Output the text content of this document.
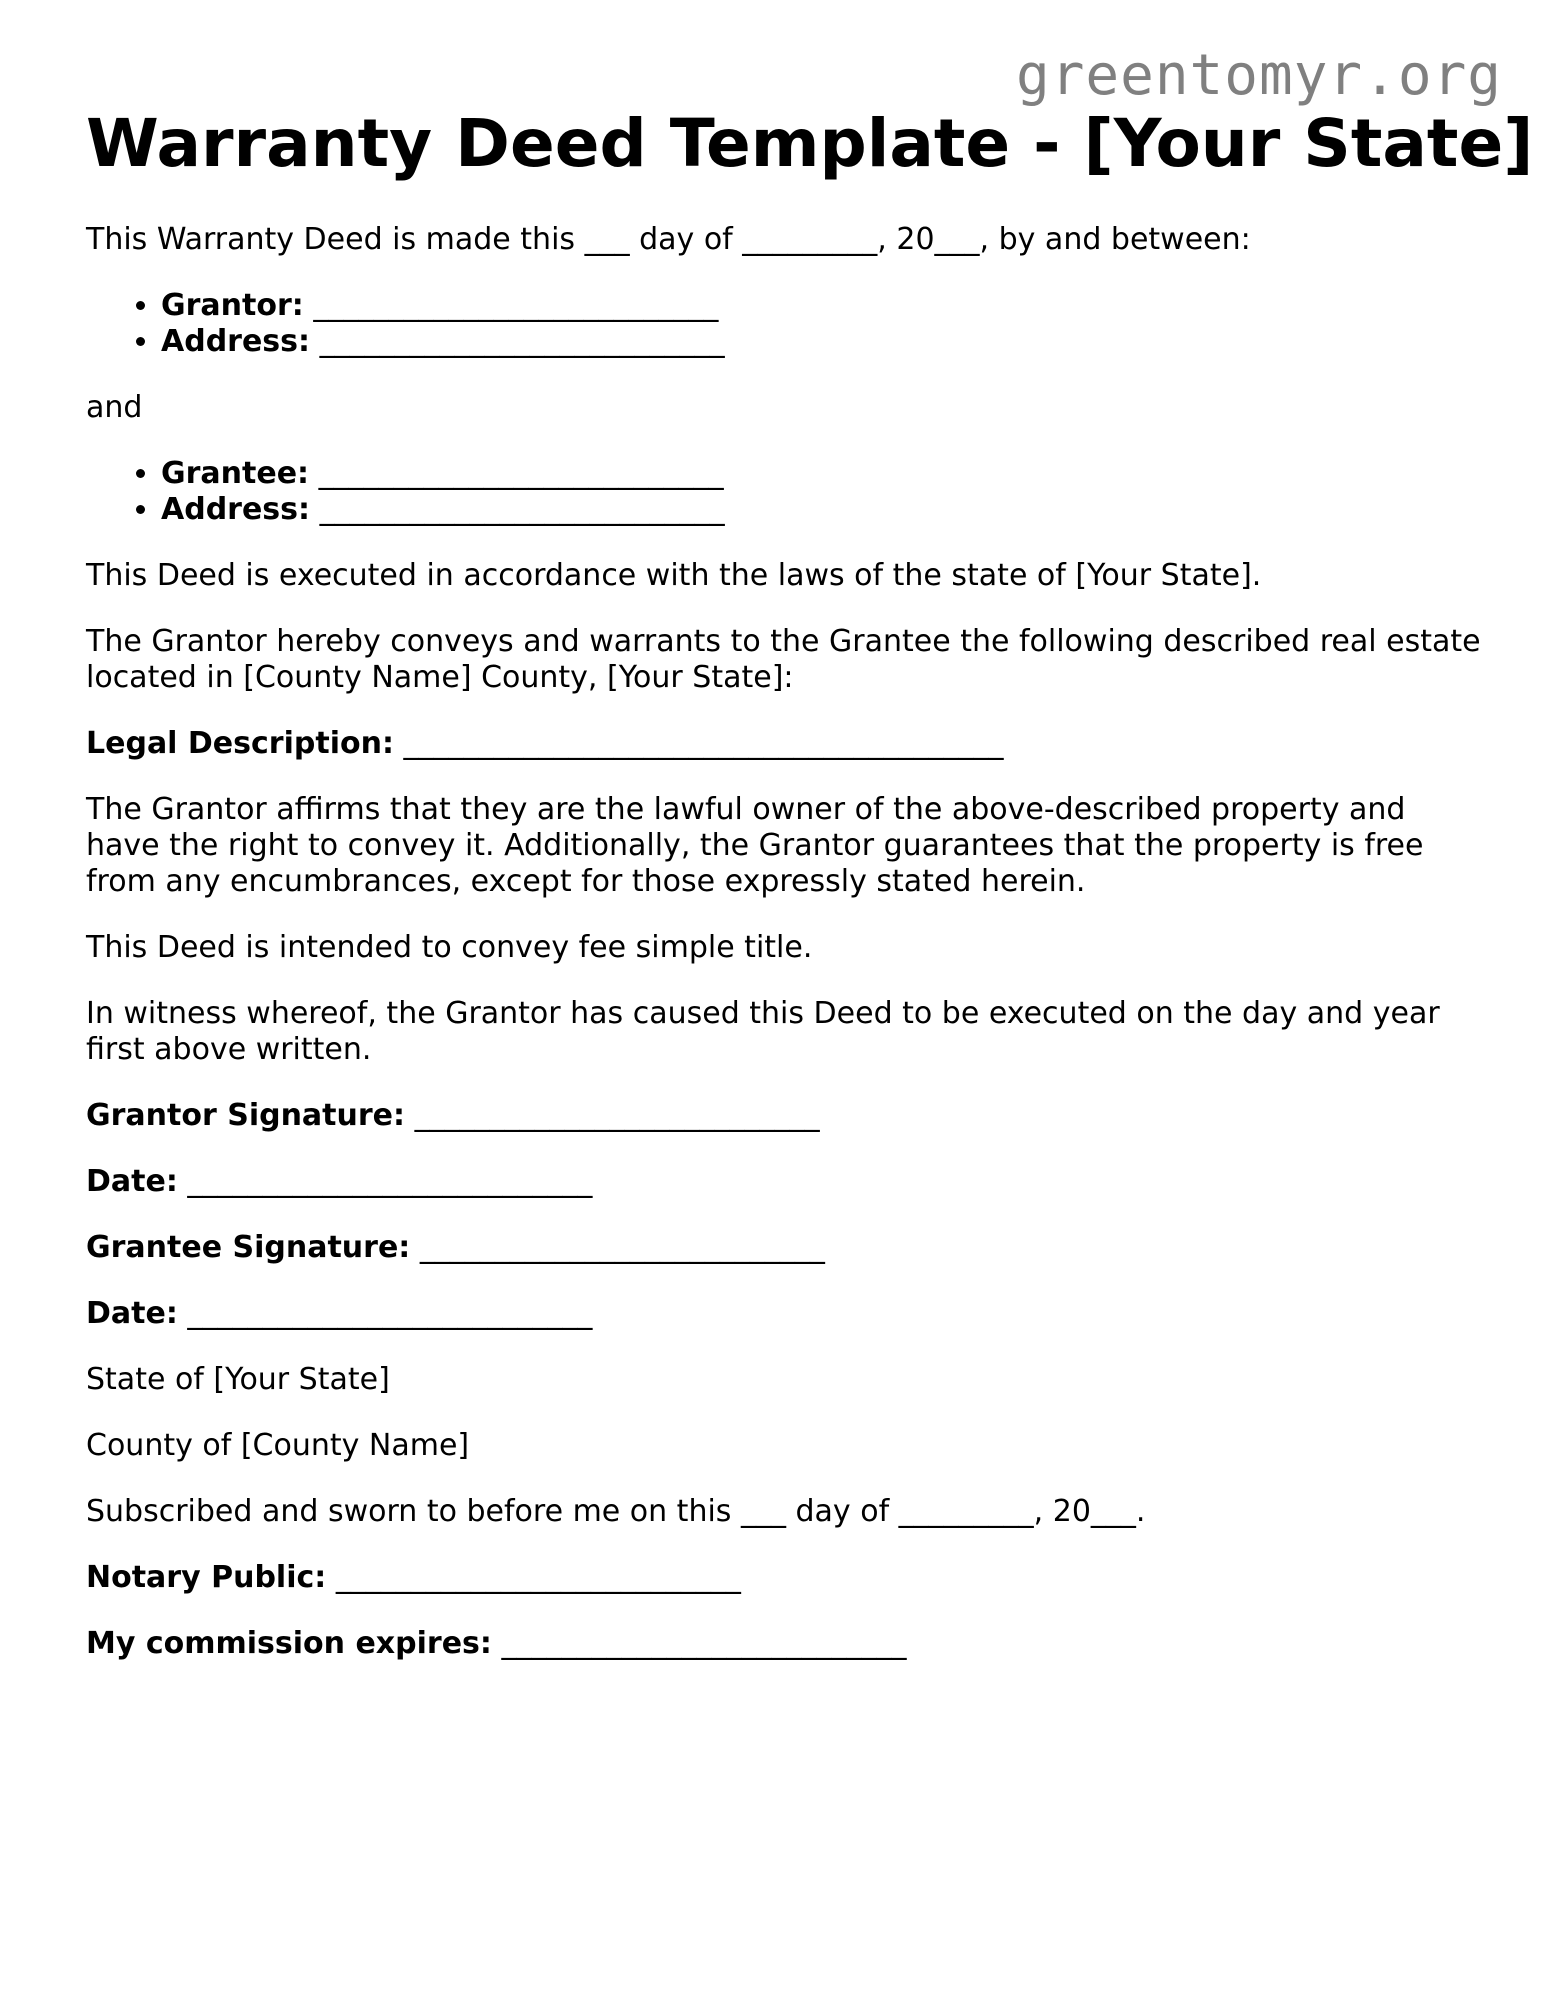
greentomyr.org
Warranty Deed Template - [Your State]

This Warranty Deed is made this ___ day of _________, 20___, by and between:

• Grantor: ___________________________
• Address: ___________________________

and

• Grantee: ___________________________
• Address: ___________________________

This Deed is executed in accordance with the laws of the state of [Your State].

The Grantor hereby conveys and warrants to the Grantee the following described real estate located in [County Name] County, [Your State]:

Legal Description: ________________________________________

The Grantor affirms that they are the lawful owner of the above-described property and have the right to convey it. Additionally, the Grantor guarantees that the property is free from any encumbrances, except for those expressly stated herein.

This Deed is intended to convey fee simple title.

In witness whereof, the Grantor has caused this Deed to be executed on the day and year first above written.

Grantor Signature: ___________________________

Date: ___________________________

Grantee Signature: ___________________________

Date: ___________________________

State of [Your State]

County of [County Name]

Subscribed and sworn to before me on this ___ day of _________, 20___.

Notary Public: ___________________________

My commission expires: ___________________________
